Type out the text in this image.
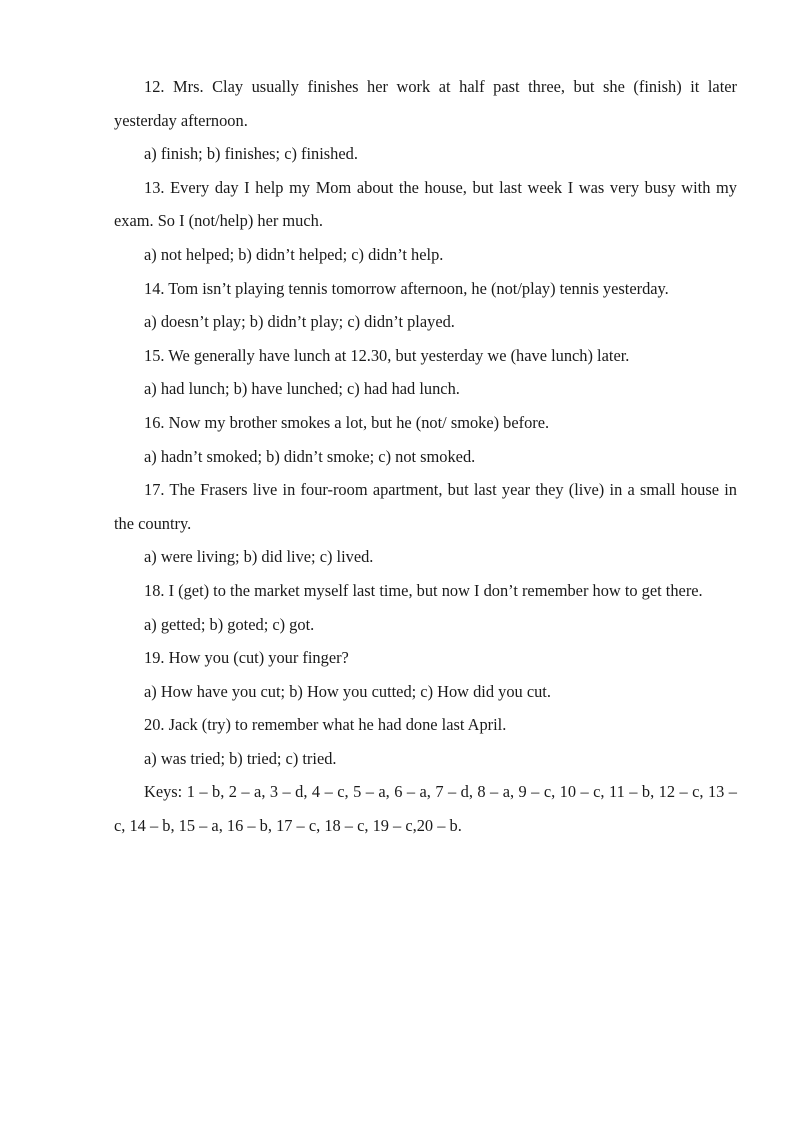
12. Mrs. Clay usually finishes her work at half past three, but she (finish) it later yesterday afternoon.

a) finish; b) finishes; c) finished.

13. Every day I help my Mom about the house, but last week I was very busy with my exam. So I (not/help) her much.

a) not helped; b) didn’t helped; c) didn’t help.

14. Tom isn’t playing tennis tomorrow afternoon, he (not/play) tennis yesterday.

a) doesn’t play; b) didn’t play; c) didn’t played.

15. We generally have lunch at 12.30, but yesterday we (have lunch) later.

a) had lunch; b) have lunched; c) had had lunch.

16. Now my brother smokes a lot, but he (not/ smoke) before.

a) hadn’t smoked; b) didn’t smoke; c) not smoked.

17. The Frasers live in four-room apartment, but last year they (live) in a small house in the country.

a) were living; b) did live; c) lived.

18. I (get) to the market myself last time, but now I don’t remember how to get there.

a) getted; b) goted; c) got.

19. How you (cut) your finger?

a) How have you cut; b) How you cutted; c) How did you cut.

20. Jack (try) to remember what he had done last April.

a) was tried; b) tried; c) tried.

Keys: 1 – b, 2 – a, 3 – d, 4 – c, 5 – a, 6 – a, 7 – d, 8 – a, 9 – c, 10 – c, 11 – b, 12 – c, 13 – c, 14 – b, 15 – a, 16 – b, 17 – c, 18 – c, 19 – c,20 – b.
